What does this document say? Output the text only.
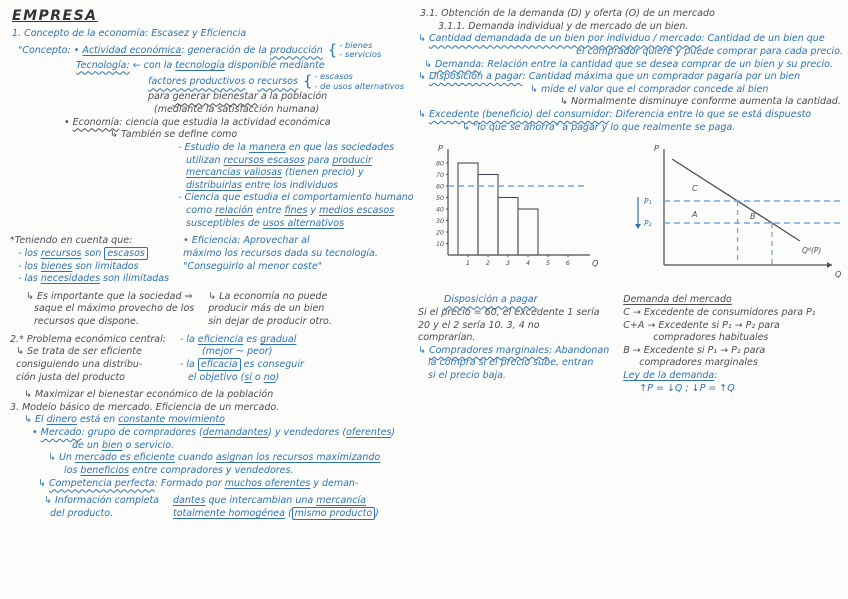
EMPRESA
1. Concepto de la economía: Escasez y Eficiencia
"Concepto: • Actividad económica: generación de la producción { - bienes
- servicios
Tecnología: ← con la tecnología disponible mediante
factores productivos o recursos { - escasos
- de usos alternativos
para generar bienestar a la población
(mediante la satisfacción humana)
• Economía: ciencia que estudia la actividad económica
↳ También se define como
- Estudio de la manera en que las sociedades
utilizan recursos escasos para producir
mercancías valiosas (tienen precio) y
distribuirlas entre los individuos
- Ciencia que estudia el comportamiento humano
como relación entre fines y medios escasos
susceptibles de usos alternativos
*Teniendo en cuenta que:
- los recursos son escasos
- los bienes son limitados
- las necesidades son ilimitadas
• Eficiencia: Aprovechar al
máximo los recursos dada su tecnología.
"Conseguirlo al menor coste"
↳ Es importante que la sociedad ⇒
saque el máximo provecho de los
recursos que dispone.
↳ La economía no puede
producir más de un bien
sin dejar de producir otro.
2.* Problema económico central:
↳ Se trata de ser eficiente
consiguiendo una distribu-
ción justa del producto
- la eficiencia es gradual
(mejor ~ peor)
- la eficacia es conseguir
el objetivo (sí o no)
↳ Maximizar el bienestar económico de la población
3. Modelo básico de mercado. Eficiencia de un mercado.
↳ El dinero está en constante movimiento
• Mercado: grupo de compradores (demandantes) y vendedores (oferentes)
de un bien o servicio.
↳ Un mercado es eficiente cuando asignan los recursos maximizando
los beneficios entre compradores y vendedores.
↳ Competencia perfecta: Formado por muchos oferentes y deman-
↳ Información completa
del producto.
dantes que intercambian una mercancía
totalmente homogénea ( mismo producto )
3.1. Obtención de la demanda (D) y oferta (O) de un mercado
3.1.1. Demanda individual y de mercado de un bien.
↳ Cantidad demandada de un bien por individuo / mercado: Cantidad de un bien que
el comprador quiere y puede comprar para cada precio.
↳ Demanda: Relación entre la cantidad que se desea comprar de un bien y su precio.
↳ Disposición a pagar: Cantidad máxima que un comprador pagaría por un bien
↳ mide el valor que el comprador concede al bien
↳ Normalmente disminuye conforme aumenta la cantidad.
↳ Excedente (beneficio) del consumidor: Diferencia entre lo que se está dispuesto
↳ "lo que se ahorra" a pagar y lo que realmente se paga.
P
Q
10
20
30
40
50
60
70
80
1 2 3 4 5 6
P
Q
Qᵈ(P)
P₁
P₂
C
A	B
Disposición a pagar
Si el precio = 60, el excedente 1 sería
20 y el 2 sería 10. 3, 4 no
comprarían.
↳ Compradores marginales: Abandonan
la compra si el precio sube, entran
si el precio baja.
Demanda del mercado
C → Excedente de consumidores para P₁
C+A → Excedente si P₁ → P₂ para
compradores habituales
B → Excedente si P₁ → P₂ para
compradores marginales
Ley de la demanda:
↑P = ↓Q ; ↓P = ↑Q
